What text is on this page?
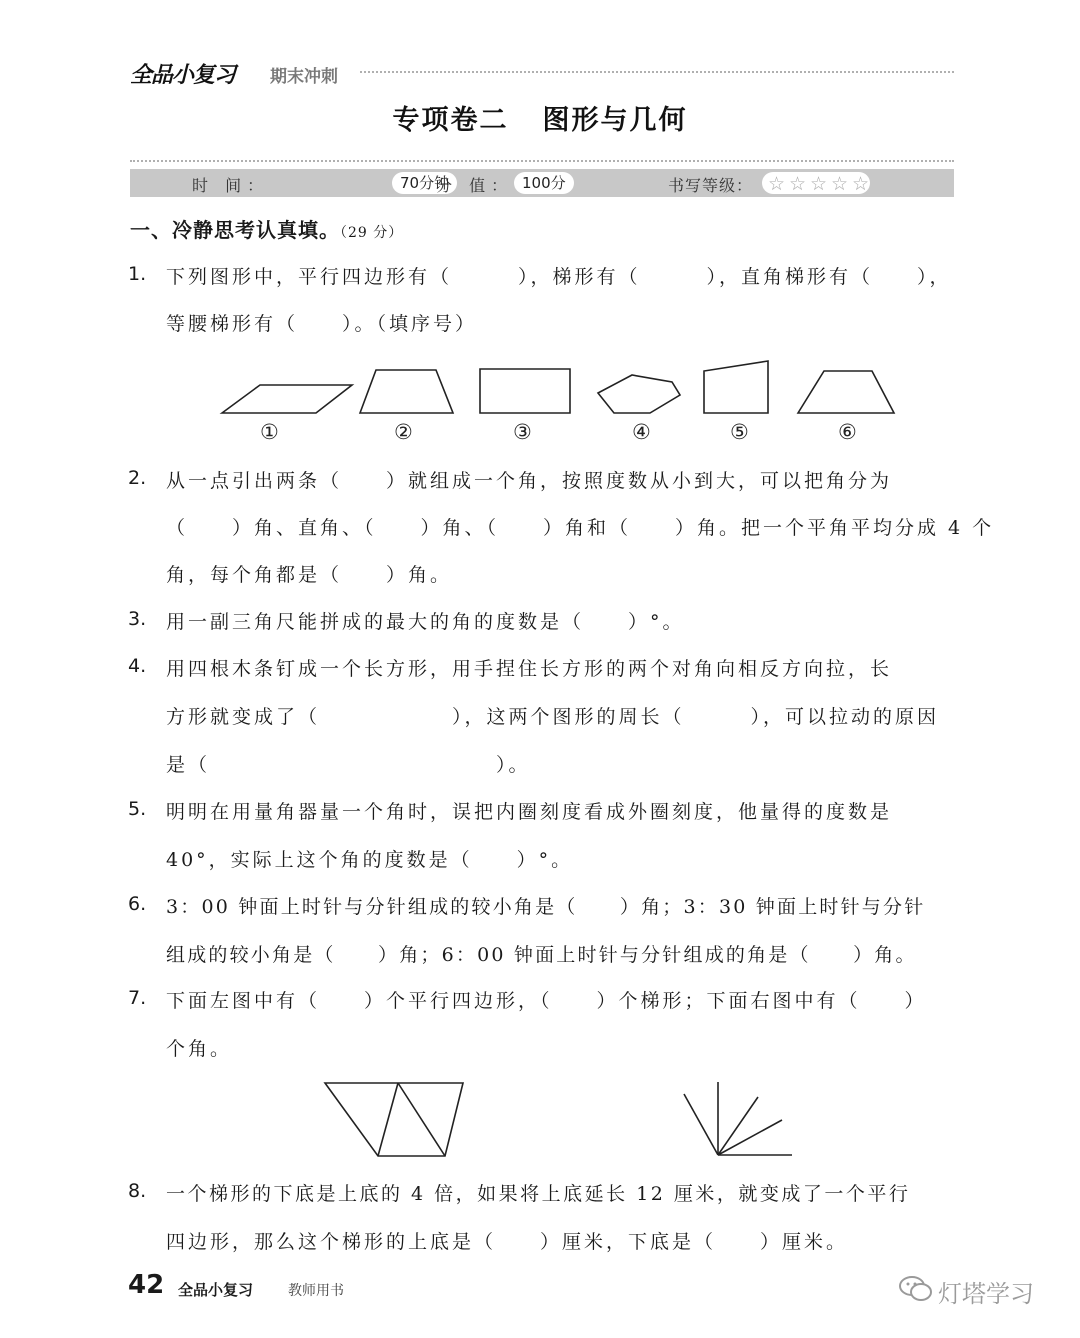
全品小复习 期末冲刺
专项卷二 图形与几何
时 间：	70分钟
分 值： 100分	书写等级： ☆ ☆ ☆ ☆ ☆
一、冷静思考认真填。（29 分）
1. 下列图形中，平行四边形有（　　　），梯形有（　　　），直角梯形有（　　），
等腰梯形有（　　）。（填序号）
①	②	③	④	⑤	⑥
2. 从一点引出两条（　　）就组成一个角，按照度数从小到大，可以把角分为
（　　）角、直角、（　　）角、（　　）角和（　　）角。把一个平角平均分成 4 个
角，每个角都是（　　）角。
3. 用一副三角尺能拼成的最大的角的度数是（　　）°。
4. 用四根木条钉成一个长方形，用手捏住长方形的两个对角向相反方向拉，长
方形就变成了（　　　　　　），这两个图形的周长（　　　），可以拉动的原因
是（　　　　　　　　　　　　　）。
5. 明明在用量角器量一个角时，误把内圈刻度看成外圈刻度，他量得的度数是
40°，实际上这个角的度数是（　　）°。
6. 3：00 钟面上时针与分针组成的较小角是（　　）角；3：30 钟面上时针与分针
组成的较小角是（　　）角；6：00 钟面上时针与分针组成的角是（　　）角。
7. 下面左图中有（　　）个平行四边形，（　　）个梯形；下面右图中有（　　）
个角。
8. 一个梯形的下底是上底的 4 倍，如果将上底延长 12 厘米，就变成了一个平行
四边形，那么这个梯形的上底是（　　）厘米，下底是（　　）厘米。
42 全品小复习 教师用书	灯塔学习
